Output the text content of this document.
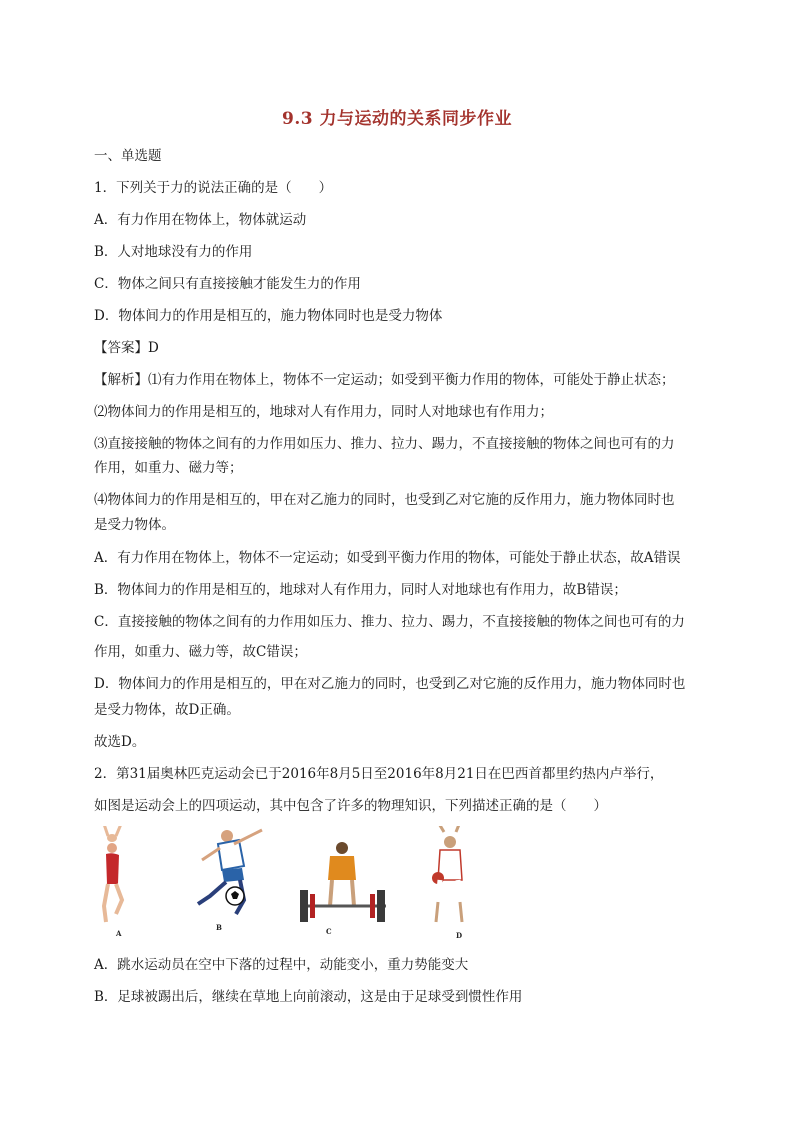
9.3 力与运动的关系同步作业
一、单选题
1．下列关于力的说法正确的是（　　）
A．有力作用在物体上，物体就运动
B．人对地球没有力的作用
C．物体之间只有直接接触才能发生力的作用
D．物体间力的作用是相互的，施力物体同时也是受力物体
【答案】D
【解析】⑴有力作用在物体上，物体不一定运动；如受到平衡力作用的物体，可能处于静止状态；
⑵物体间力的作用是相互的，地球对人有作用力，同时人对地球也有作用力；
⑶直接接触的物体之间有的力作用如压力、推力、拉力、踢力，不直接接触的物体之间也可有的力
作用，如重力、磁力等；
⑷物体间力的作用是相互的，甲在对乙施力的同时，也受到乙对它施的反作用力，施力物体同时也
是受力物体。
A．有力作用在物体上，物体不一定运动；如受到平衡力作用的物体，可能处于静止状态，故A错误
B．物体间力的作用是相互的，地球对人有作用力，同时人对地球也有作用力，故B错误；
C．直接接触的物体之间有的力作用如压力、推力、拉力、踢力，不直接接触的物体之间也可有的力
作用，如重力、磁力等，故C错误；
D．物体间力的作用是相互的，甲在对乙施力的同时，也受到乙对它施的反作用力，施力物体同时也
是受力物体，故D正确。
故选D。
2．第31届奥林匹克运动会已于2016年8月5日至2016年8月21日在巴西首都里约热内卢举行，
如图是运动会上的四项运动，其中包含了许多的物理知识，下列描述正确的是（　　）
A
B	C	D
A．跳水运动员在空中下落的过程中，动能变小，重力势能变大
B．足球被踢出后，继续在草地上向前滚动，这是由于足球受到惯性作用
